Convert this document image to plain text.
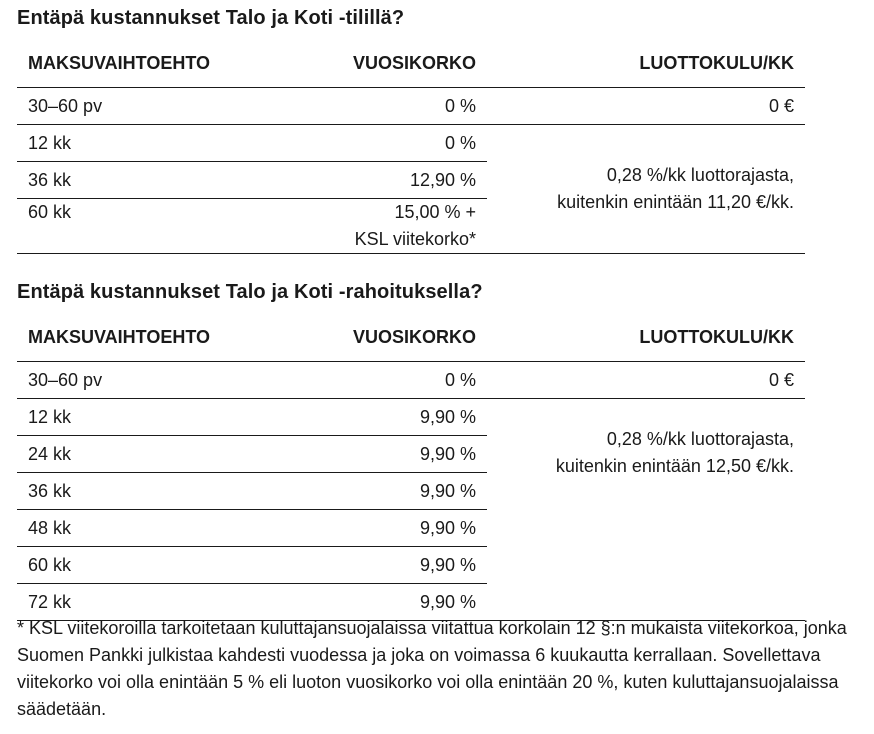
Entäpä kustannukset Talo ja Koti -tilillä?
MAKSUVAIHTOEHTO	VUOSIKORKO	LUOTTOKULU/KK
30–60 pv	0 %	0 €
12 kk	0 %	0,28 %/kk luottorajasta,
kuitenkin enintään 11,20 €/kk.

36 kk	12,90 %	
60 kk	15,00 % +
KSL viitekorko*	
Entäpä kustannukset Talo ja Koti -rahoituksella?
MAKSUVAIHTOEHTO	VUOSIKORKO	LUOTTOKULU/KK
30–60 pv	0 %	0 €
12 kk	9,90 %	0,28 %/kk luottorajasta,
kuitenkin enintään 12,50 €/kk.

24 kk	9,90 %	
36 kk	9,90 %	
48 kk	9,90 %	
60 kk	9,90 %	
72 kk	9,90 %	

* KSL viitekoroilla tarkoitetaan kuluttajansuojalaissa viitattua korkolain 12 §:n mukaista viitekorkoa, jonka Suomen Pankki julkistaa kahdesti vuodessa ja joka on voimassa 6 kuukautta kerrallaan. Sovellettava viitekorko voi olla enintään 5 % eli luoton vuosikorko voi olla enintään 20 %, kuten kuluttajansuojalaissa säädetään.
